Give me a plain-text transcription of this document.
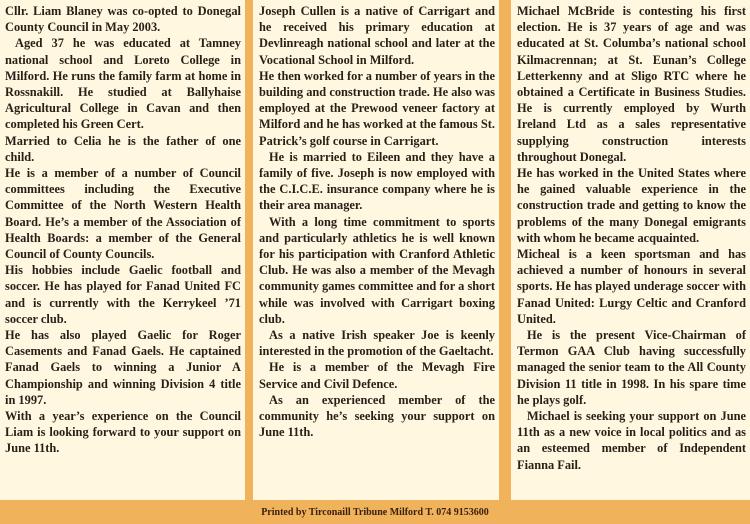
Cllr. Liam Blaney was co-opted to Donegal County Council in May 2003.

Aged 37 he was educated at Tamney national school and Loreto College in Milford. He runs the family farm at home in Rossnakill. He studied at Ballyhaise Agricultural College in Cavan and then completed his Green Cert.

Married to Celia he is the father of one child.

He is a member of a number of Council committees including the Executive Committee of the North Western Health Board. He’s a member of the Association of Health Boards: a member of the General Council of County Councils.

His hobbies include Gaelic football and soccer. He has played for Fanad United FC and is currently with the Kerrykeel ’71 soccer club.

He has also played Gaelic for Roger Casements and Fanad Gaels. He captained Fanad Gaels to winning a Junior A Championship and winning Division 4 title in 1997.

With a year’s experience on the Council Liam is looking forward to your support on June 11th.

Joseph Cullen is a native of Carrigart and he received his primary education at Devlinreagh national school and later at the Vocational School in Milford.

He then worked for a number of years in the building and construction trade. He also was employed at the Prewood veneer factory at Milford and he has worked at the famous St. Patrick’s golf course in Carrigart.

He is married to Eileen and they have a family of five. Joseph is now employed with the C.I.C.E. insurance company where he is their area manager.

With a long time commitment to sports and particularly athletics he is well known for his participation with Cranford Athletic Club. He was also a member of the Mevagh community games committee and for a short while was involved with Carrigart boxing club.

As a native Irish speaker Joe is keenly interested in the promotion of the Gaeltacht.

He is a member of the Mevagh Fire Service and Civil Defence.

As an experienced member of the community he’s seeking your support on June 11th.

Michael McBride is contesting his first election. He is 37 years of age and was educated at St. Columba’s national school Kilmacrennan; at St. Eunan’s College Letterkenny and at Sligo RTC where he obtained a Certificate in Business Studies. He is currently employed by Wurth Ireland Ltd as a sales representative supplying construction interests throughout Donegal.

He has worked in the United States where he gained valuable experience in the construction trade and getting to know the problems of the many Donegal emigrants with whom he became acquainted.

Micheal is a keen sportsman and has achieved a number of honours in several sports. He has played underage soccer with Fanad United: Lurgy Celtic and Cranford United.

He is the present Vice-Chairman of Termon GAA Club having successfully managed the senior team to the All County Division 11 title in 1998. In his spare time he plays golf.

Michael is seeking your support on June 11th as a new voice in local politics and as an esteemed member of Independent Fianna Fail.

Printed by Tirconaill Tribune Milford T. 074 9153600
